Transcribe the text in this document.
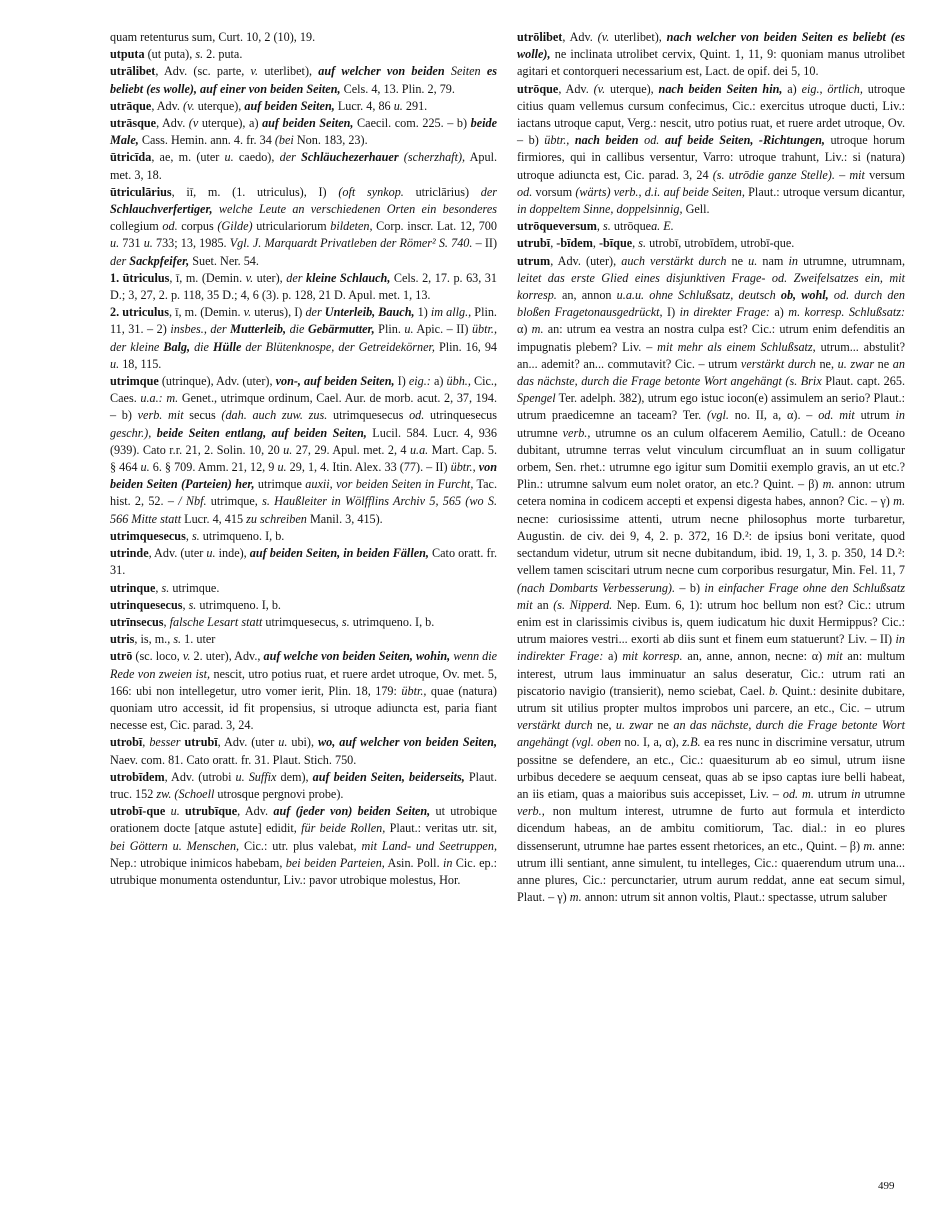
quam retenturus sum, Curt. 10, 2 (10), 19.

utputa (ut puta), s. 2. puta.

utrālibet, Adv. (sc. parte, v. uterlibet), auf welcher von beiden Seiten es beliebt (es wolle), auf einer von beiden Seiten, Cels. 4, 13. Plin. 2, 79.

utrāque, Adv. (v. uterque), auf beiden Seiten, Lucr. 4, 86 u. 291.

utrāsque, Adv. (v uterque), a) auf beiden Seiten, Caecil. com. 225. – b) beide Male, Cass. Hemin. ann. 4. fr. 34 (bei Non. 183, 23).

ūtricīda, ae, m. (uter u. caedo), der Schläuchezerhauer (scherzhaft), Apul. met. 3, 18.

ūtriculārius, iī, m. (1. utriculus), I) (oft synkop. utriclārius) der Schlauchverfertiger, welche Leute an verschiedenen Orten ein besonderes collegium od. corpus (Gilde) utriculariorum bildeten, Corp. inscr. Lat. 12, 700 u. 731 u. 733; 13, 1985. Vgl. J. Marquardt Privatleben der Römer² S. 740. – II) der Sackpfeifer, Suet. Ner. 54.

1. ūtriculus, ī, m. (Demin. v. uter), der kleine Schlauch, Cels. 2, 17. p. 63, 31 D.; 3, 27, 2. p. 118, 35 D.; 4, 6 (3). p. 128, 21 D. Apul. met. 1, 13.

2. utriculus, ī, m. (Demin. v. uterus), I) der Unterleib, Bauch, 1) im allg., Plin. 11, 31. – 2) insbes., der Mutterleib, die Gebärmutter, Plin. u. Apic. – II) übtr., der kleine Balg, die Hülle der Blütenknospe, der Getreidekörner, Plin. 16, 94 u. 18, 115.

utrimque (utrinque), Adv. (uter), von-, auf beiden Seiten, I) eig.: a) übh., Cic., Caes. u.a.: m. Genet., utrimque ordinum, Cael. Aur. de morb. acut. 2, 37, 194. – b) verb. mit secus (dah. auch zuw. zus. utrimquesecus od. utrinquesecus geschr.), beide Seiten entlang, auf beiden Seiten, Lucil. 584. Lucr. 4, 936 (939). Cato r.r. 21, 2. Solin. 10, 20 u. 27, 29. Apul. met. 2, 4 u.a. Mart. Cap. 5. § 464 u. 6. § 709. Amm. 21, 12, 9 u. 29, 1, 4. Itin. Alex. 33 (77). – II) übtr., von beiden Seiten (Parteien) her, utrimque auxii, vor beiden Seiten in Furcht, Tac. hist. 2, 52. – / Nbf. utrimque, s. Haußleiter in Wölfflins Archiv 5, 565 (wo S. 566 Mitte statt Lucr. 4, 415 zu schreiben Manil. 3, 415).

utrimquesecus, s. utrimqueno. I, b.

utrinde, Adv. (uter u. inde), auf beiden Seiten, in beiden Fällen, Cato oratt. fr. 31.

utrinque, s. utrimque.

utrinquesecus, s. utrimqueno. I, b.

utrīnsecus, falsche Lesart statt utrimquesecus, s. utrimqueno. I, b.

utris, is, m., s. 1. uter

utrō (sc. loco, v. 2. uter), Adv., auf welche von beiden Seiten, wohin, wenn die Rede von zweien ist, nescit, utro potius ruat, et ruere ardet utroque, Ov. met. 5, 166: ubi non intellegetur, utro vomer ierit, Plin. 18, 179: übtr., quae (natura) quoniam utro accessit, id fit propensius, si utroque adiuncta est, paria fiant necesse est, Cic. parad. 3, 24.

utrobī, besser utrubī, Adv. (uter u. ubi), wo, auf welcher von beiden Seiten, Naev. com. 81. Cato oratt. fr. 31. Plaut. Stich. 750.

utrobīdem, Adv. (utrobi u. Suffix dem), auf beiden Seiten, beiderseits, Plaut. truc. 152 zw. (Schoell utrosque pergnovi probe).

utrobī-que u. utrubīque, Adv. auf (jeder von) beiden Seiten, ut utrobique orationem docte [atque astute] edidit, für beide Rollen, Plaut.: veritas utr. sit, bei Göttern u. Menschen, Cic.: utr. plus valebat, mit Land- und Seetruppen, Nep.: utrobique inimicos habebam, bei beiden Parteien, Asin. Poll. in Cic. ep.: utrubique monumenta ostenduntur, Liv.: pavor utrobique molestus, Hor.

utrōlibet, Adv. (v. uterlibet), nach welcher von beiden Seiten es beliebt (es wolle), ne inclinata utrolibet cervix, Quint. 1, 11, 9: quoniam manus utrolibet agitari et contorqueri necessarium est, Lact. de opif. dei 5, 10.

utrōque, Adv. (v. uterque), nach beiden Seiten hin, a) eig., örtlich, utroque citius quam vellemus cursum confecimus, Cic.: exercitus utroque ducti, Liv.: iactans utroque caput, Verg.: nescit, utro potius ruat, et ruere ardet utroque, Ov. – b) übtr., nach beiden od. auf beide Seiten, -Richtungen, utroque horum firmiores, qui in callibus versentur, Varro: utroque trahunt, Liv.: si (natura) utroque adiuncta est, Cic. parad. 3, 24 (s. utrōdie ganze Stelle). – mit versum od. vorsum (wärts) verb., d.i. auf beide Seiten, Plaut.: utroque versum dicantur, in doppeltem Sinne, doppelsinnig, Gell.

utrōqueversum, s. utrōquea. E.

utrubī, -bīdem, -bīque, s. utrobī, utrobīdem, utrobī-que.

utrum, Adv. (uter), auch verstärkt durch ne u. nam in utrumne, utrumnam, leitet das erste Glied eines disjunktiven Frage- od. Zweifelsatzes ein, mit korresp. an, annon u.a.u. ohne Schlußsatz, deutsch ob, wohl, od. durch den bloßen Fragetonausgedrückt, I) in direkter Frage: a) m. korresp. Schlußsatz: α) m. an: utrum ea vestra an nostra culpa est? Cic.: utrum enim defenditis an impugnatis plebem? Liv. – mit mehr als einem Schlußsatz, utrum... abstulit? an... ademit? an... commutavit? Cic. – utrum verstärkt durch ne, u. zwar ne an das nächste, durch die Frage betonte Wort angehängt (s. Brix Plaut. capt. 265. Spengel Ter. adelph. 382), utrum ego istuc iocon(e) assimulem an serio? Plaut.: utrum praedicemne an taceam? Ter. (vgl. no. II, a, α). – od. mit utrum in utrumne verb., utrumne os an culum olfacerem Aemilio, Catull.: de Oceano dubitant, utrumne terras velut vinculum circumfluat an in suum colligatur orbem, Sen. rhet.: utrumne ego igitur sum Domitii exemplo gravis, an ut etc.? Plin.: utrumne salvum eum nolet orator, an etc.? Quint. – β) m. annon: utrum cetera nomina in codicem accepti et expensi digesta habes, annon? Cic. – γ) m. necne: curiosissime attenti, utrum necne philosophus morte turbaretur, Augustin. de civ. dei 9, 4, 2. p. 372, 16 D.²: de ipsius boni veritate, quod sectandum videtur, utrum sit necne dubitandum, ibid. 19, 1, 3. p. 350, 14 D.²: vellem tamen sciscitari utrum necne cum corporibus resurgatur, Min. Fel. 11, 7 (nach Dombarts Verbesserung). – b) in einfacher Frage ohne den Schlußsatz mit an (s. Nipperd. Nep. Eum. 6, 1): utrum hoc bellum non est? Cic.: utrum enim est in clarissimis civibus is, quem iudicatum hic duxit Hermippus? Cic.: utrum maiores vestri... exorti ab diis sunt et finem eum statuerunt? Liv. – II) in indirekter Frage: a) mit korresp. an, anne, annon, necne: α) mit an: multum interest, utrum laus imminuatur an salus deseratur, Cic.: utrum rati an piscatorio navigio (transierit), nemo sciebat, Cael. b. Quint.: desinite dubitare, utrum sit utilius propter multos improbos uni parcere, an etc., Cic. – utrum verstärkt durch ne, u. zwar ne an das nächste, durch die Frage betonte Wort angehängt (vgl. oben no. I, a, α), z.B. ea res nunc in discrimine versatur, utrum possitne se defendere, an etc., Cic.: quaesiturum ab eo simul, utrum iisne urbibus decedere se aequum censeat, quas ab se ipso captas iure belli habeat, an iis etiam, quas a maioribus suis accepisset, Liv. – od. m. utrum in utrumne verb., non multum interest, utrumne de furto aut formula et interdicto dicendum habeas, an de ambitu comitiorum, Tac. dial.: in eo plures dissenserunt, utrumne hae partes essent rhetorices, an etc., Quint. – β) m. anne: utrum illi sentiant, anne simulent, tu intelleges, Cic.: quaerendum utrum una... anne plures, Cic.: percunctarier, utrum aurum reddat, anne eat secum simul, Plaut. – γ) m. annon: utrum sit annon voltis, Plaut.: spectasse, utrum saluber

499
